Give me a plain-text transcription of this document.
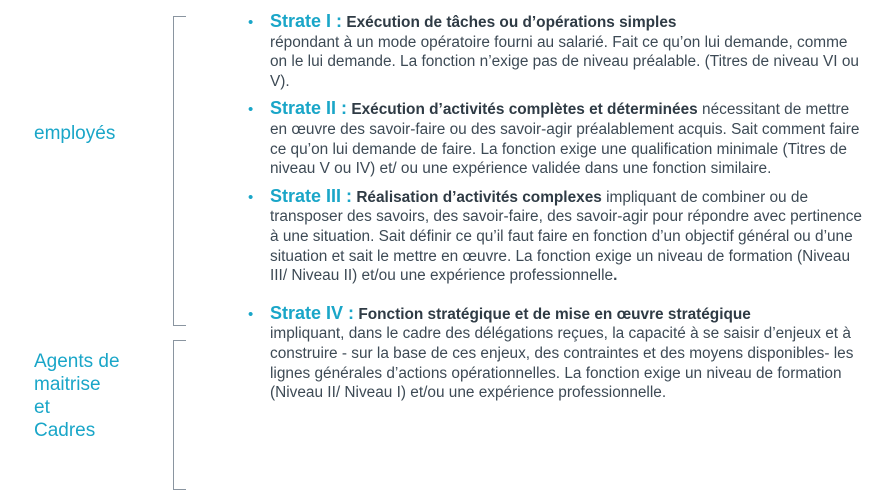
employés
Agents de
maitrise
et
Cadres
• Strate I : Exécution de tâches ou d’opérations simples
répondant à un mode opératoire fourni au salarié. Fait ce qu’on lui demande, comme on le lui demande. La fonction n’exige pas de niveau préalable. (Titres de niveau VI ou V).
• Strate II : Exécution d’activités complètes et déterminées nécessitant de mettre en œuvre des savoir-faire ou des savoir-agir préalablement acquis. Sait comment faire ce qu’on lui demande de faire. La fonction exige une qualification minimale (Titres de niveau V ou IV) et/ ou une expérience validée dans une fonction similaire.
• Strate III : Réalisation d’activités complexes impliquant de combiner ou de transposer des savoirs, des savoir-faire, des savoir-agir pour répondre avec pertinence à une situation. Sait définir ce qu’il faut faire en fonction d’un objectif général ou d’une situation et sait le mettre en œuvre. La fonction exige un niveau de formation (Niveau III/ Niveau II) et/ou une expérience professionnelle.
• Strate IV : Fonction stratégique et de mise en œuvre stratégique
impliquant, dans le cadre des délégations reçues, la capacité à se saisir d’enjeux et à construire - sur la base de ces enjeux, des contraintes et des moyens disponibles- les lignes générales d’actions opérationnelles. La fonction exige un niveau de formation (Niveau II/ Niveau I) et/ou une expérience professionnelle.
